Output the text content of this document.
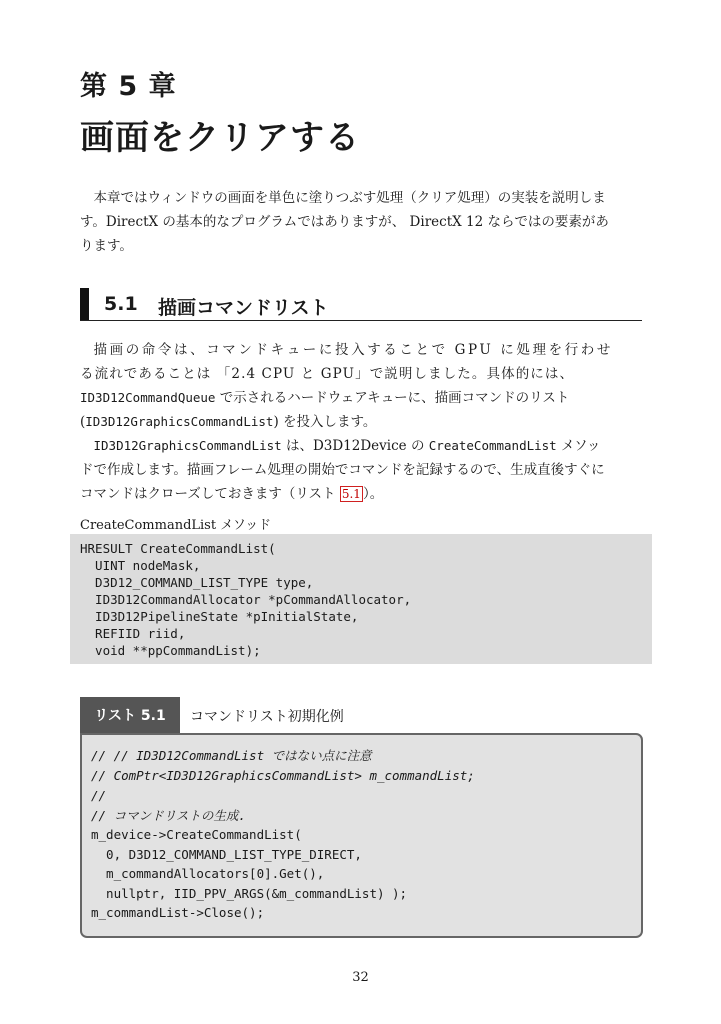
第 5 章
画面をクリアする
本章ではウィンドウの画面を単色に塗りつぶす処理（クリア処理）の実装を説明しま
す。DirectX の基本的なプログラムではありますが、 DirectX 12 ならではの要素があ
ります。
5.1 描画コマンドリスト
描画の命令は、コマンドキューに投入することで GPU に処理を行わせ
る流れであることは 「2.4 CPU と GPU」で説明しました。具体的には、
ID3D12CommandQueue で示されるハードウェアキューに、描画コマンドのリスト
(ID3D12GraphicsCommandList) を投入します。
ID3D12GraphicsCommandList は、D3D12Device の CreateCommandList メソッ
ドで作成します。描画フレーム処理の開始でコマンドを記録するので、生成直後すぐに
コマンドはクローズしておきます（リスト 5.1 ）。
CreateCommandList メソッド
HRESULT CreateCommandList(
UINT nodeMask,
D3D12_COMMAND_LIST_TYPE type,
ID3D12CommandAllocator *pCommandAllocator,
ID3D12PipelineState *pInitialState,
REFIID riid,
void **ppCommandList);
リスト 5.1	コマンドリスト初期化例
// // ID3D12CommandList ではない点に注意
// ComPtr<ID3D12GraphicsCommandList> m_commandList;
//
// コマンドリストの生成.
m_device->CreateCommandList(
0, D3D12_COMMAND_LIST_TYPE_DIRECT,
m_commandAllocators[0].Get(),
nullptr, IID_PPV_ARGS(&m_commandList) );
m_commandList->Close();
32
